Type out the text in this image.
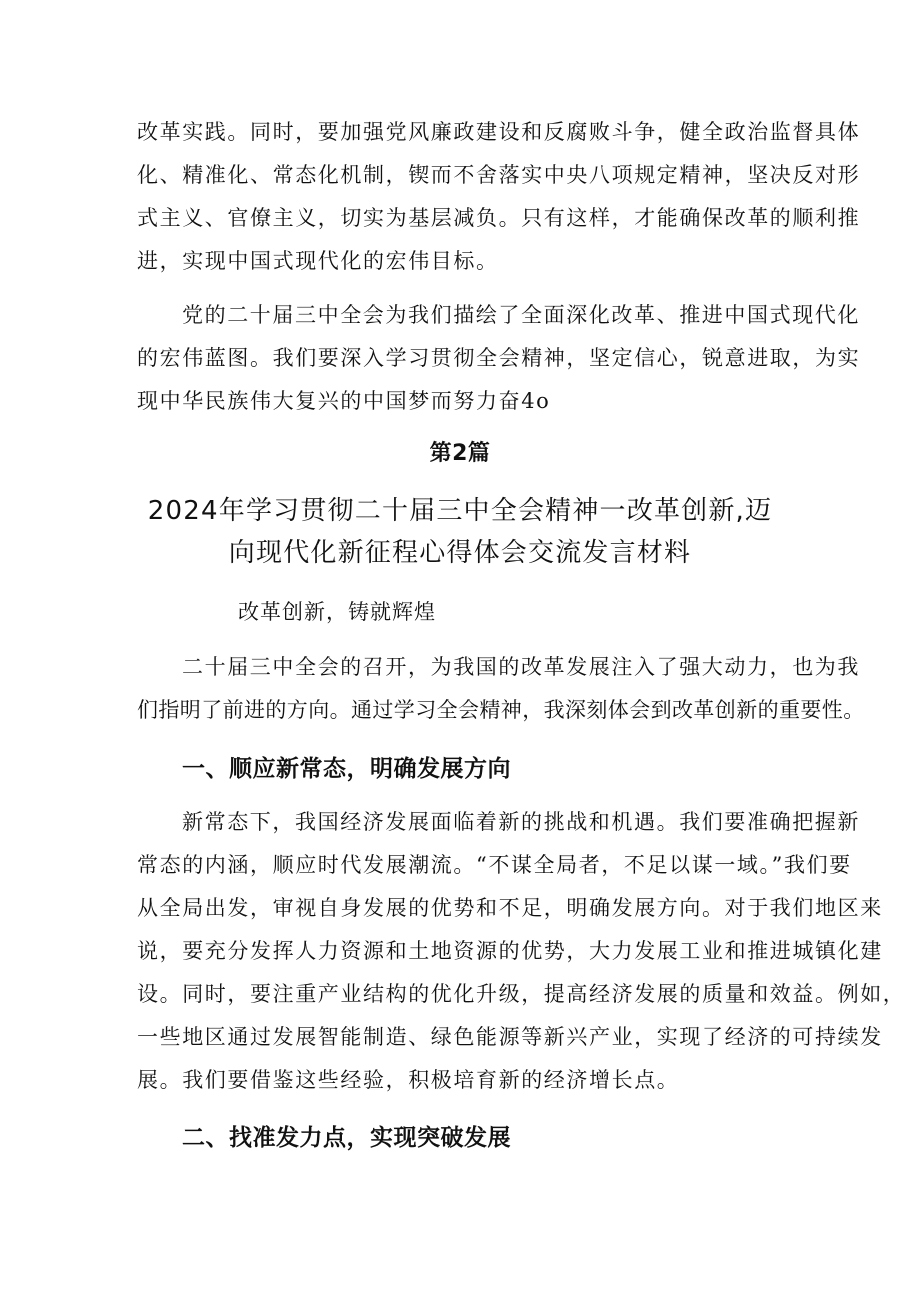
改革实践。同时，要加强党风廉政建设和反腐败斗争，健全政治监督具体
化、精准化、常态化机制，锲而不舍落实中央八项规定精神，坚决反对形
式主义、官僚主义，切实为基层减负。只有这样，才能确保改革的顺利推
进，实现中国式现代化的宏伟目标。
党的二十届三中全会为我们描绘了全面深化改革、推进中国式现代化
的宏伟蓝图。我们要深入学习贯彻全会精神，坚定信心，锐意进取，为实
现中华民族伟大复兴的中国梦而努力奋4o
第2篇
2024年学习贯彻二十届三中全会精神一改革创新,迈
向现代化新征程心得体会交流发言材料
改革创新，铸就辉煌
二十届三中全会的召开，为我国的改革发展注入了强大动力，也为我
们指明了前进的方向。通过学习全会精神，我深刻体会到改革创新的重要性。
一、顺应新常态，明确发展方向
新常态下，我国经济发展面临着新的挑战和机遇。我们要准确把握新
常态的内涵，顺应时代发展潮流。“不谋全局者，不足以谋一域。”我们要
从全局出发，审视自身发展的优势和不足，明确发展方向。对于我们地区来
说，要充分发挥人力资源和土地资源的优势，大力发展工业和推进城镇化建
设。同时，要注重产业结构的优化升级，提高经济发展的质量和效益。例如，
一些地区通过发展智能制造、绿色能源等新兴产业，实现了经济的可持续发
展。我们要借鉴这些经验，积极培育新的经济增长点。
二、找准发力点，实现突破发展
